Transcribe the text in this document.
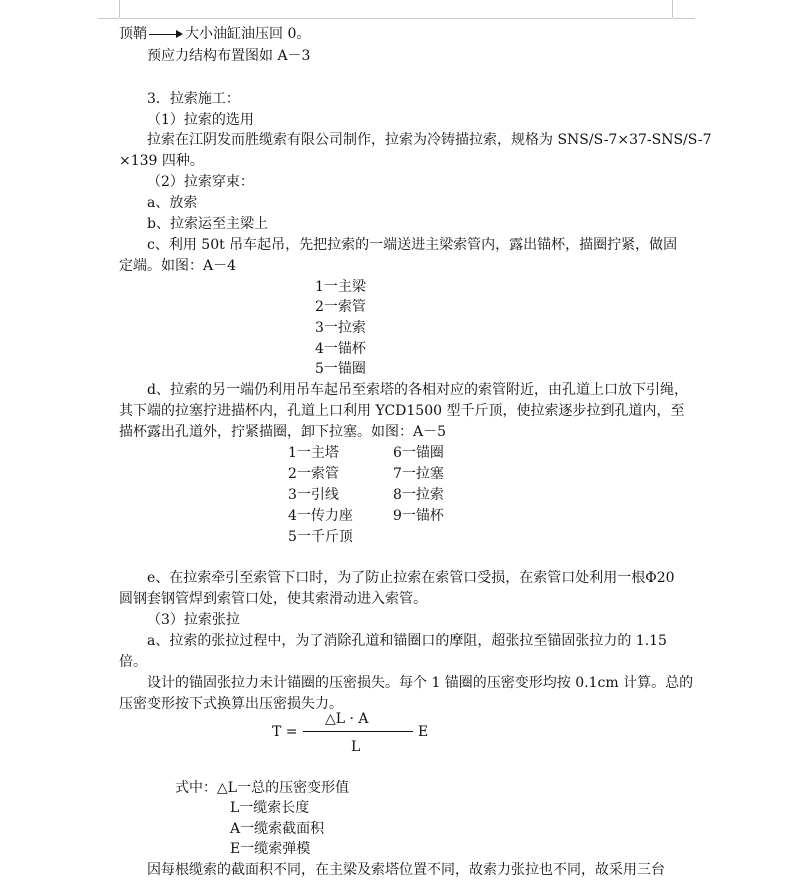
顶鞘	大小油缸油压回 0。
预应力结构布置图如 A－3
3．拉索施工：
（1）拉索的选用
拉索在江阴发而胜缆索有限公司制作，拉索为冷铸描拉索，规格为 SNS/S-7×37-SNS/S-7
×139 四种。
（2）拉索穿束：
a、放索
b、拉索运至主梁上
c、利用 50t 吊车起吊，先把拉索的一端送进主梁索管内，露出锚杯，描圈拧紧，做固
定端。如图：A－4
1一主梁
2一索管
3一拉索
4一锚杯
5一锚圈
d、拉索的另一端仍利用吊车起吊至索塔的各相对应的索管附近，由孔道上口放下引绳，
其下端的拉塞拧进描杯内，孔道上口利用 YCD1500 型千斤顶，使拉索逐步拉到孔道内，至
描杯露出孔道外，拧紧描圈，卸下拉塞。如图：A－5
1一主塔
2一索管
3一引线
4一传力座
5一千斤顶
6一锚圈
7一拉塞
8一拉索
9一锚杯
e、在拉索牵引至索管下口时，为了防止拉索在索管口受损，在索管口处利用一根Φ20
圆钢套钢管焊到索管口处，使其索滑动进入索管。
（3）拉索张拉
a、拉索的张拉过程中，为了消除孔道和锚圈口的摩阻，超张拉至锚固张拉力的 1.15
倍。
设计的锚固张拉力未计锚圈的压密损失。每个 1 锚圈的压密变形均按 0.1cm 计算。总的
压密变形按下式换算出压密损失力。
T =
△L · A
L
E
式中：△L一总的压密变形值
L一缆索长度
A一缆索截面积
E一缆索弹模
因每根缆索的截面积不同，在主梁及索塔位置不同，故索力张拉也不同，故采用三台
